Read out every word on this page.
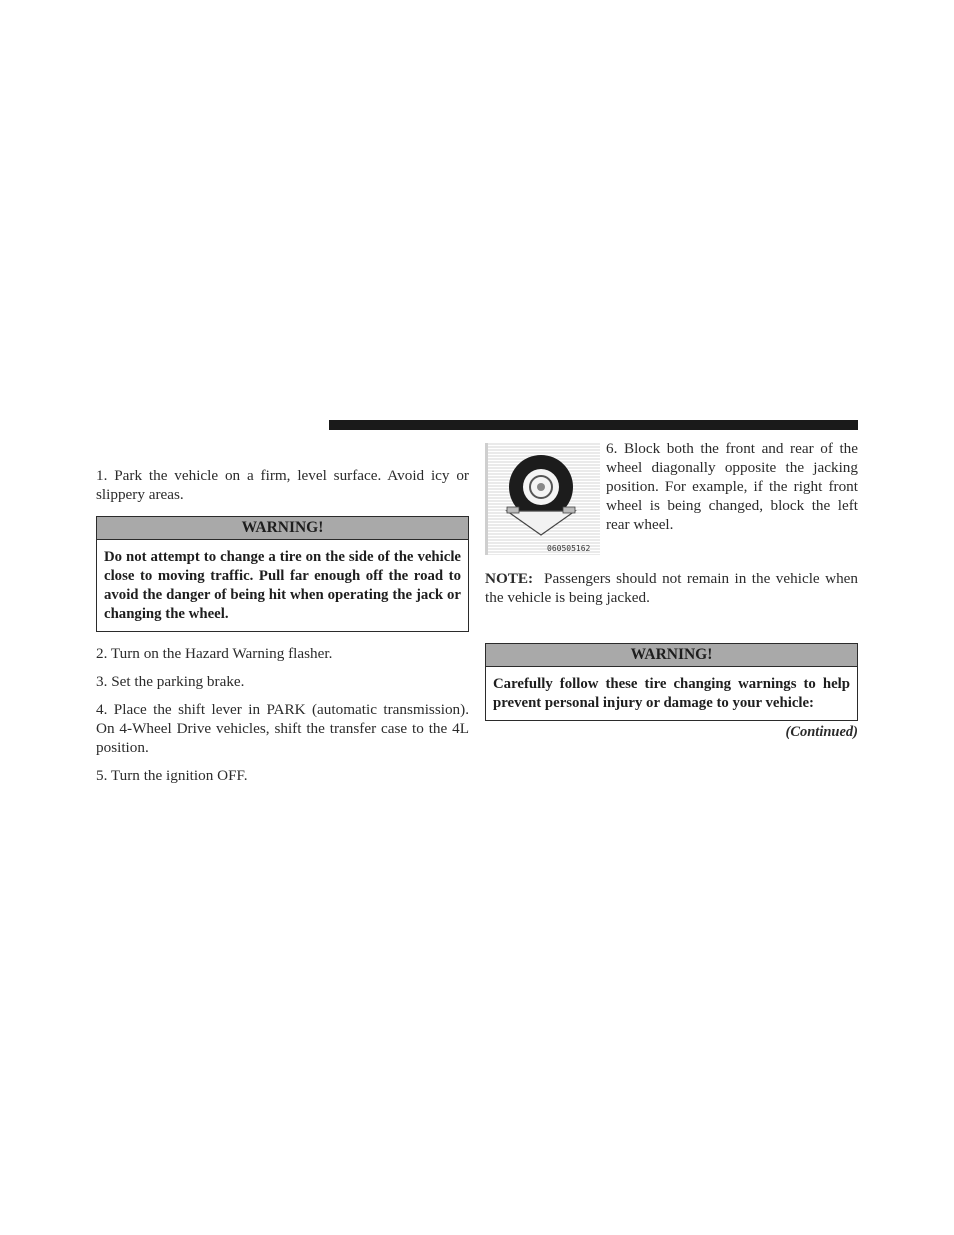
1. Park the vehicle on a firm, level surface. Avoid icy or slippery areas.

WARNING!
Do not attempt to change a tire on the side of the vehicle close to moving traffic. Pull far enough off the road to avoid the danger of being hit when operating the jack or changing the wheel.

2. Turn on the Hazard Warning flasher.

3. Set the parking brake.

4. Place the shift lever in PARK (automatic transmission). On 4-Wheel Drive vehicles, shift the transfer case to the 4L position.

5. Turn the ignition OFF.

060505162

6. Block both the front and rear of the wheel diagonally opposite the jacking position. For example, if the right front wheel is being changed, block the left rear wheel.

NOTE: Passengers should not remain in the vehicle when the vehicle is being jacked.

WARNING!
Carefully follow these tire changing warnings to help prevent personal injury or damage to your vehicle:
(Continued)
